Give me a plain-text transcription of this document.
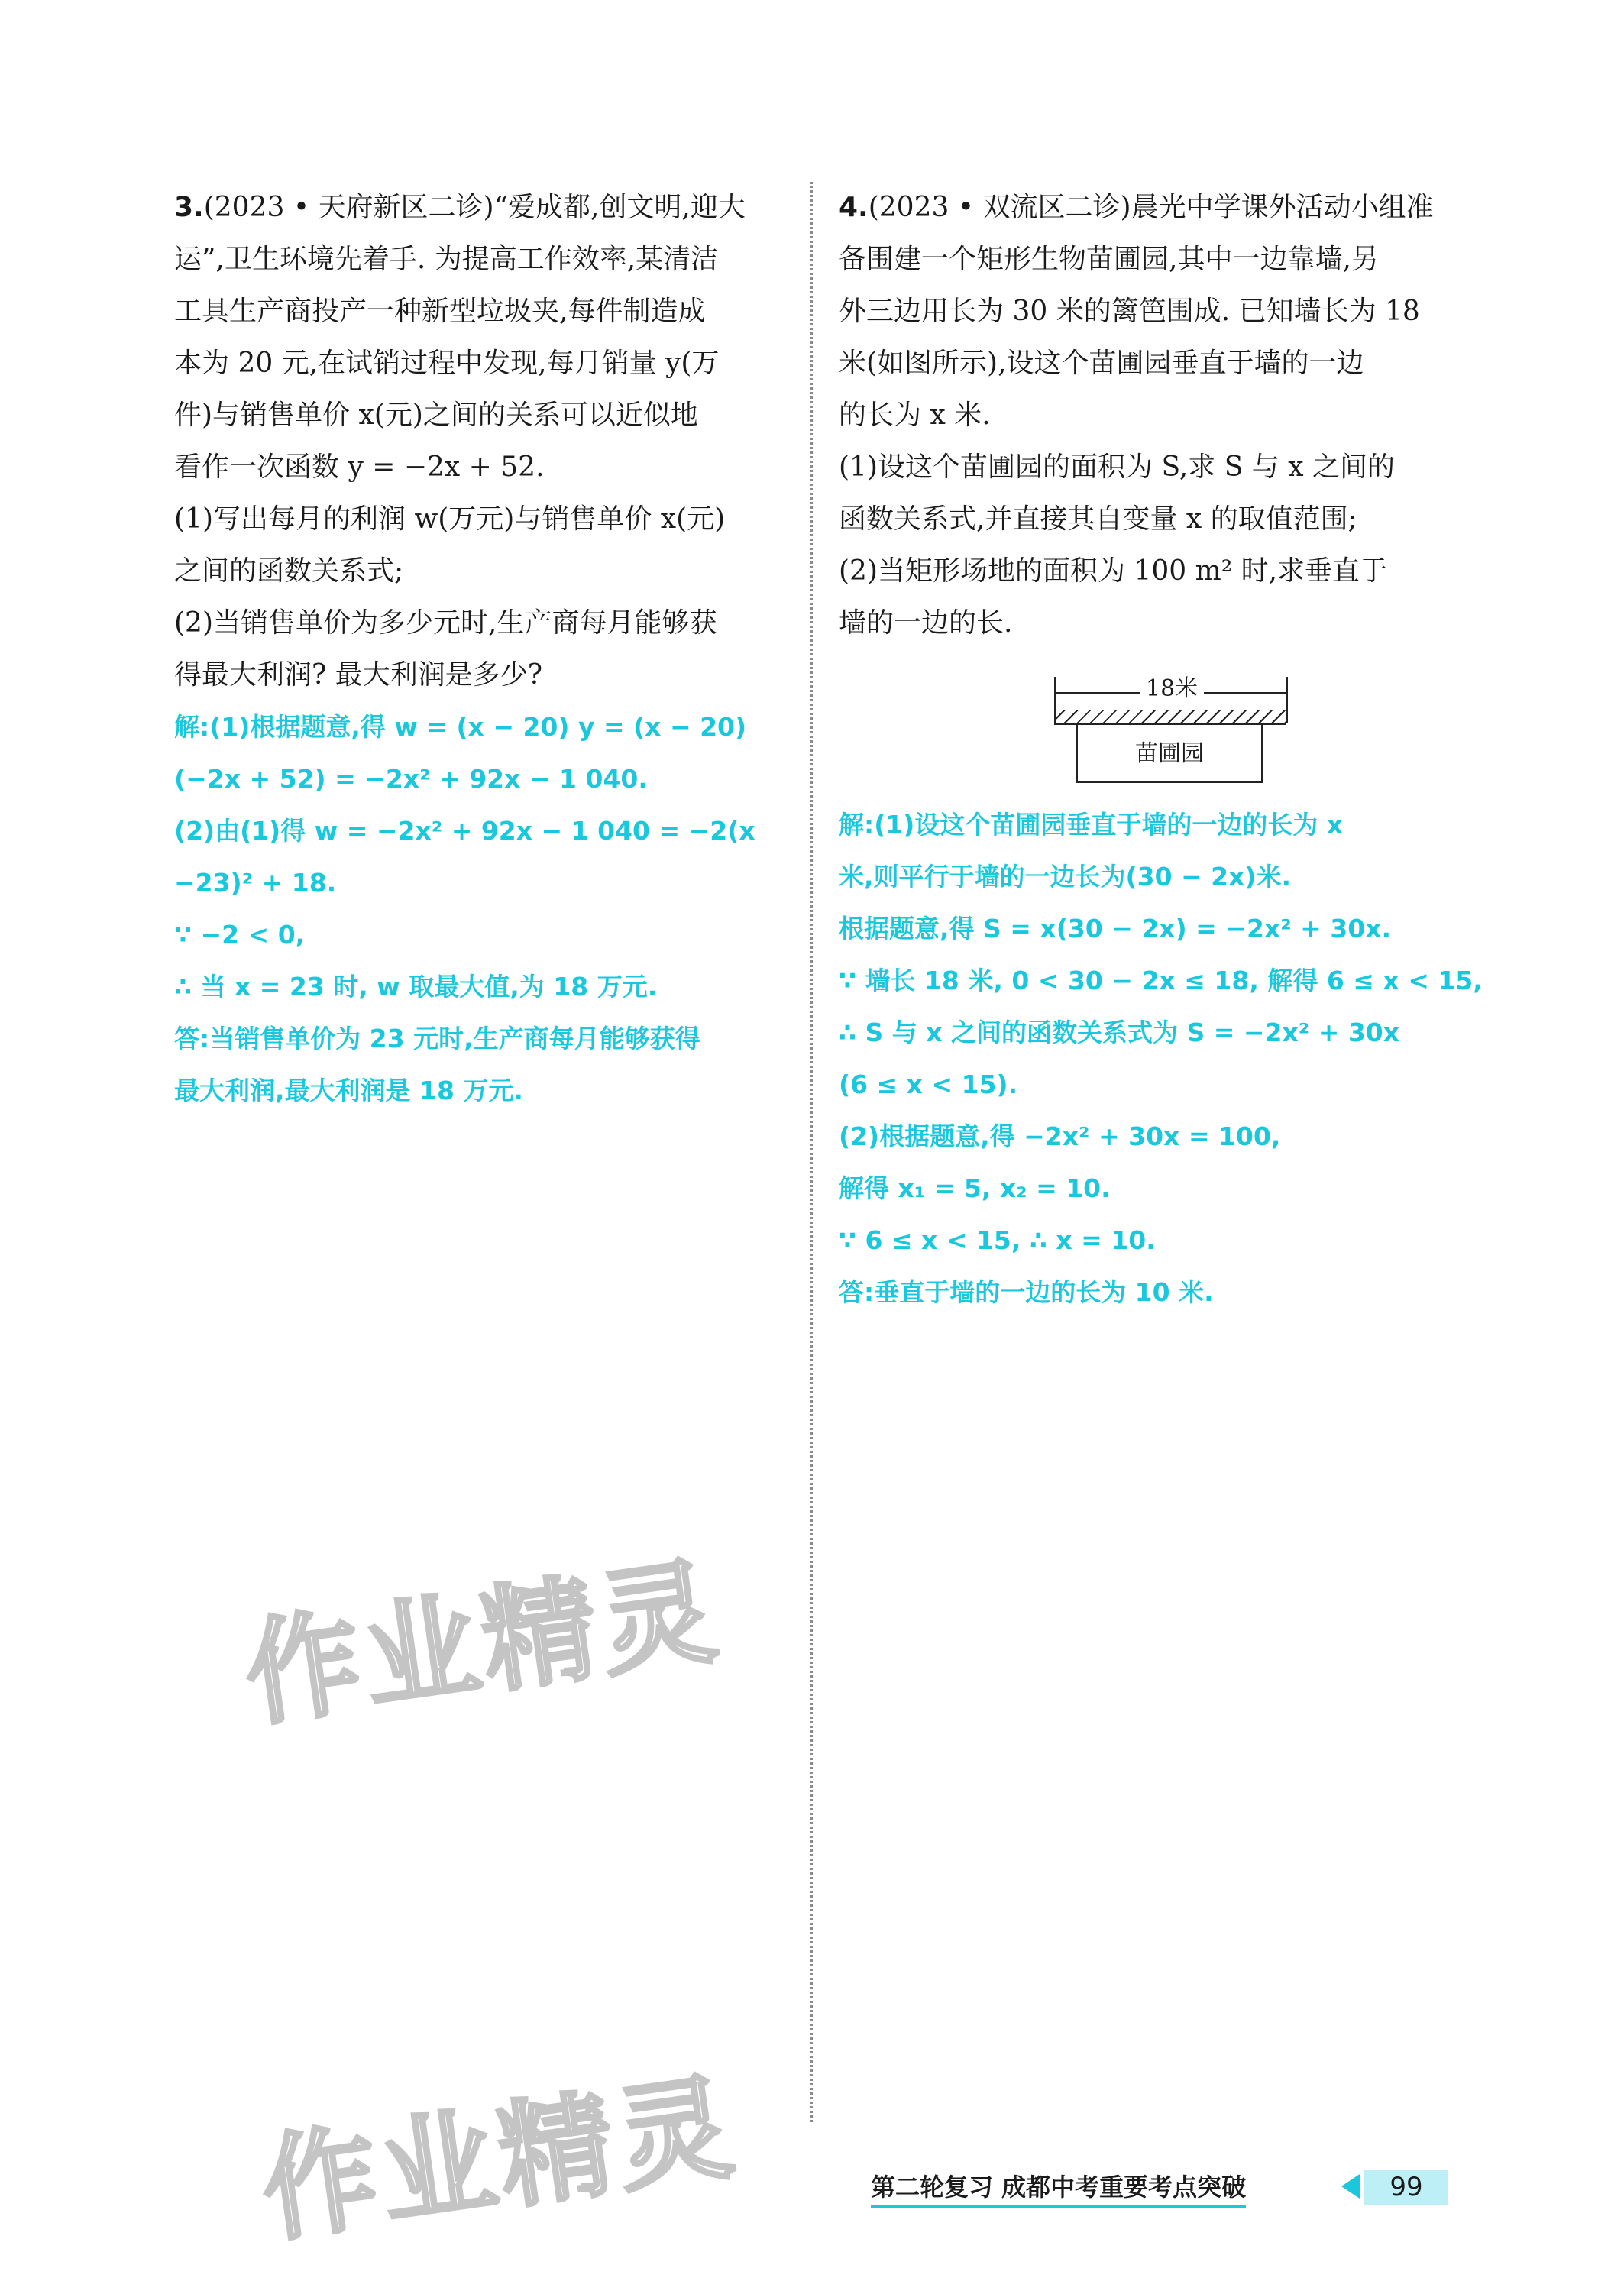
3.(2023 • 天府新区二诊)“爱成都,创文明,迎大
运”,卫生环境先着手. 为提高工作效率,某清洁
工具生产商投产一种新型垃圾夹,每件制造成
本为 20 元,在试销过程中发现,每月销量 y(万
件)与销售单价 x(元)之间的关系可以近似地
看作一次函数 y = −2x + 52.
(1)写出每月的利润 w(万元)与销售单价 x(元)
之间的函数关系式;
(2)当销售单价为多少元时,生产商每月能够获
得最大利润? 最大利润是多少?
解:(1)根据题意,得 w = (x − 20) y = (x − 20)
(−2x + 52) = −2x² + 92x − 1 040.
(2)由(1)得 w = −2x² + 92x − 1 040 = −2(x
−23)² + 18.
∵ −2 < 0,
∴ 当 x = 23 时, w 取最大值,为 18 万元.
答:当销售单价为 23 元时,生产商每月能够获得
最大利润,最大利润是 18 万元.
4.(2023 • 双流区二诊)晨光中学课外活动小组准
备围建一个矩形生物苗圃园,其中一边靠墙,另
外三边用长为 30 米的篱笆围成. 已知墙长为 18
米(如图所示),设这个苗圃园垂直于墙的一边
的长为 x 米.
(1)设这个苗圃园的面积为 S,求 S 与 x 之间的
函数关系式,并直接其自变量 x 的取值范围;
(2)当矩形场地的面积为 100 m² 时,求垂直于
墙的一边的长.
18米
苗圃园
解:(1)设这个苗圃园垂直于墙的一边的长为 x
米,则平行于墙的一边长为(30 − 2x)米.
根据题意,得 S = x(30 − 2x) = −2x² + 30x.
∵ 墙长 18 米, 0 < 30 − 2x ≤ 18, 解得 6 ≤ x < 15,
∴ S 与 x 之间的函数关系式为 S = −2x² + 30x
(6 ≤ x < 15).
(2)根据题意,得 −2x² + 30x = 100,
解得 x₁ = 5, x₂ = 10.
∵ 6 ≤ x < 15, ∴ x = 10.
答:垂直于墙的一边的长为 10 米.
作业精灵
作业精灵	第二轮复习 成都中考重要考点突破	99
